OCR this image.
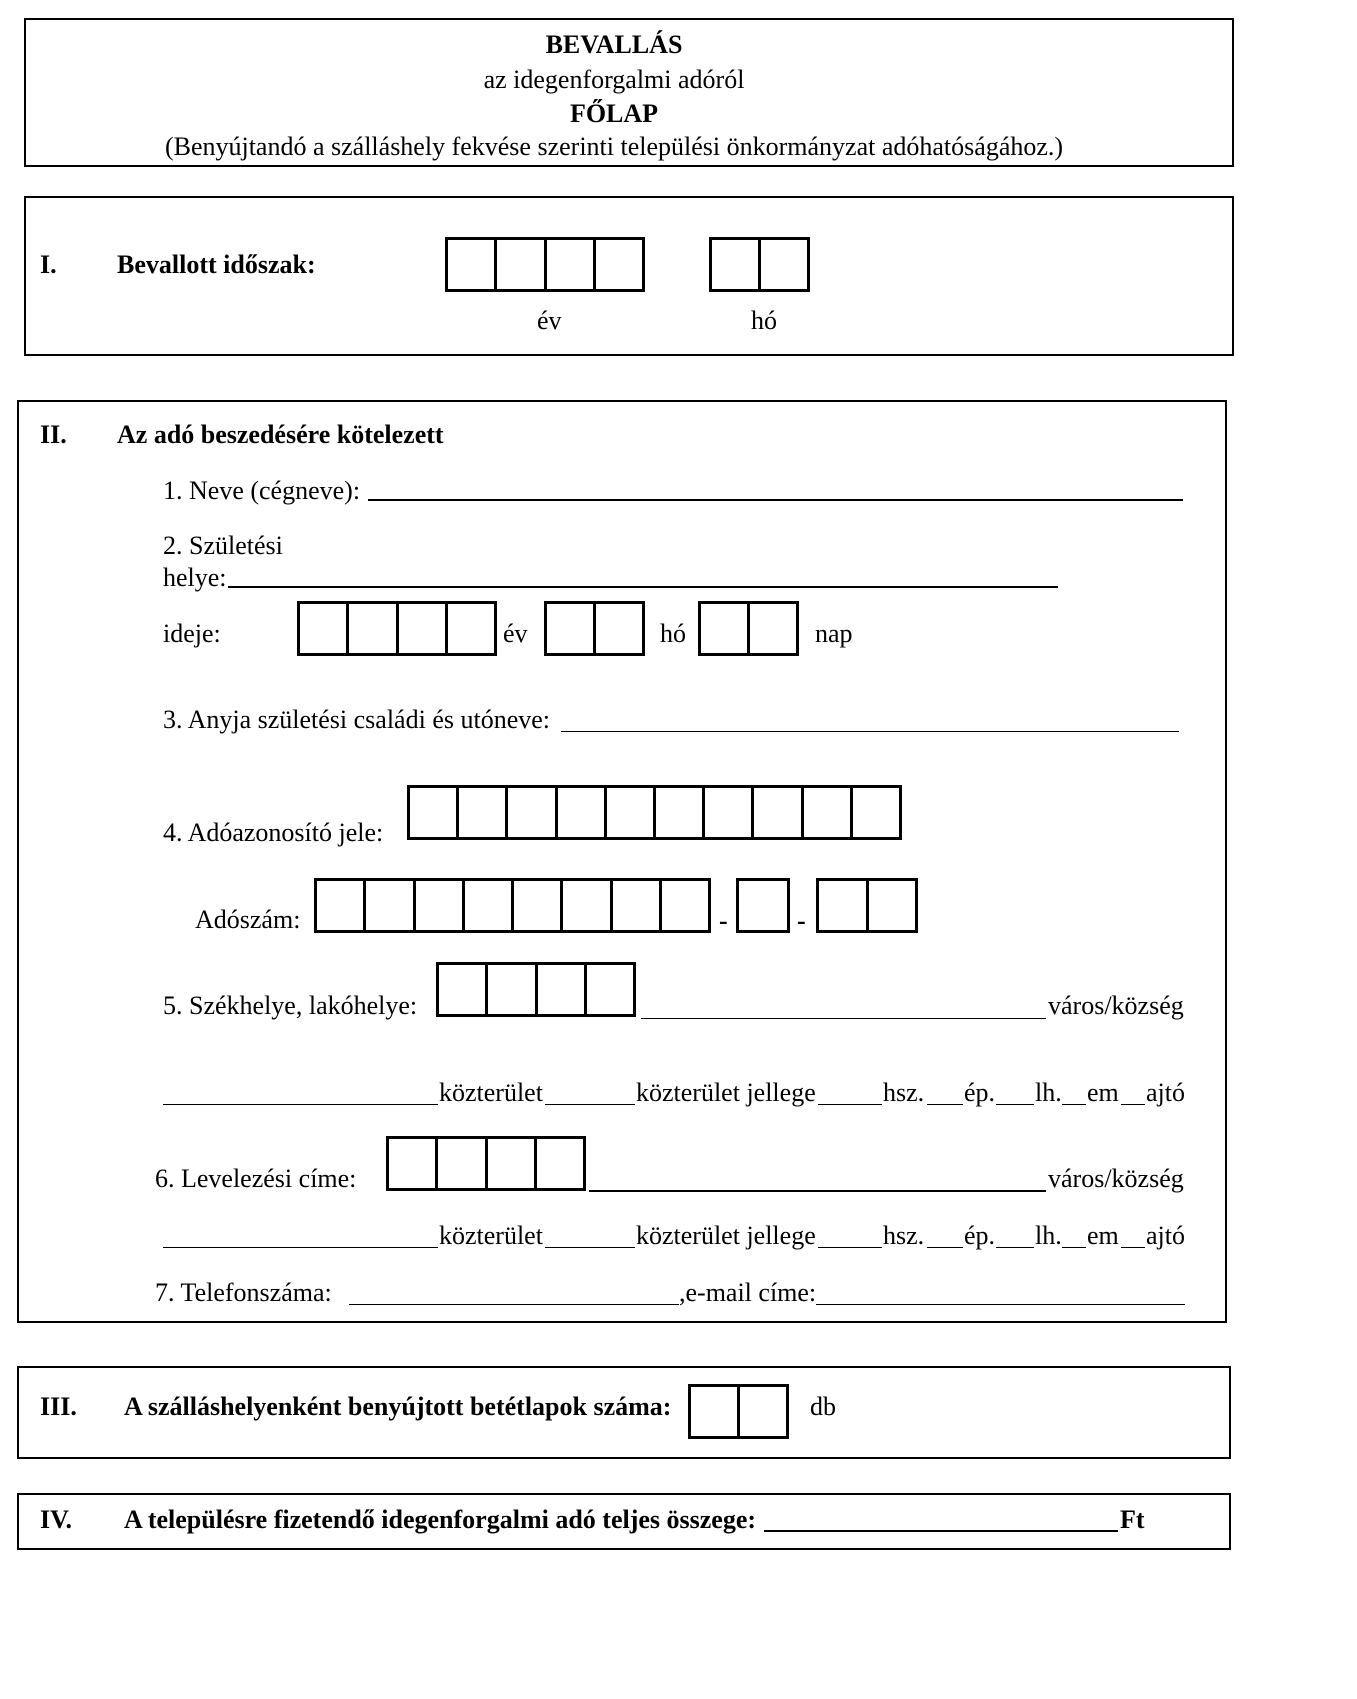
BEVALLÁS
az idegenforgalmi adóról
FŐLAP
(Benyújtandó a szálláshely fekvése szerinti települési önkormányzat adóhatóságához.)
I. Bevallott időszak:
év	hó
II. Az adó beszedésére kötelezett
1. Neve (cégneve):
2. Születési
helye:
ideje:	év	hó	nap
3. Anyja születési családi és utóneve:
4. Adóazonosító jele:
Adószám:	-	-
5. Székhelye, lakóhelye:	város/község
közterület	közterület jellege	hsz. ép. lh. em ajtó
6. Levelezési címe:	város/község
közterület	közterület jellege	hsz. ép. lh. em ajtó
7. Telefonszáma:	,e-mail címe:
III. A szálláshelyenként benyújtott betétlapok száma:	db
IV. A településre fizetendő idegenforgalmi adó teljes összege:	Ft
